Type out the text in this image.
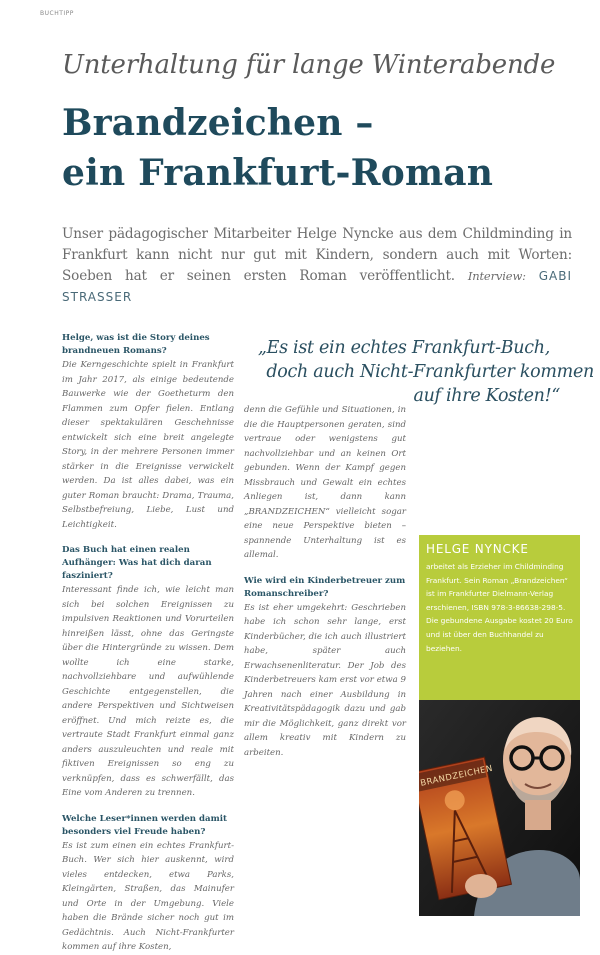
BUCHTIPP
Unterhaltung für lange Winterabende
Brandzeichen –
ein Frankfurt-Roman
Unser pädagogischer Mitarbeiter Helge Nyncke aus dem Childminding in Frankfurt kann nicht nur gut mit Kindern, sondern auch mit Worten: Soeben hat er seinen ersten Roman veröffentlicht. Interview: GABI STRASSER
Helge, was ist die Story deines brandneuen Romans?

Die Kerngeschichte spielt in Frankfurt im Jahr 2017, als einige bedeutende Bauwerke wie der Goetheturm den Flammen zum Opfer fielen. Entlang dieser spektakulären Geschehnisse entwickelt sich eine breit angelegte Story, in der mehrere Personen immer stärker in die Ereignisse verwickelt werden. Da ist alles dabei, was ein guter Roman braucht: Drama, Trauma, Selbstbefreiung, Liebe, Lust und Leichtigkeit.

Das Buch hat einen realen Aufhänger: Was hat dich daran fasziniert?

Interessant finde ich, wie leicht man sich bei solchen Ereignissen zu impulsiven Reaktionen und Vorurteilen hinreißen lässt, ohne das Geringste über die Hintergründe zu wissen. Dem wollte ich eine starke, nachvollziehbare und aufwühlende Geschichte entgegenstellen, die andere Perspektiven und Sichtweisen eröffnet. Und mich reizte es, die vertraute Stadt Frankfurt einmal ganz anders auszuleuchten und reale mit fiktiven Ereignissen so eng zu verknüpfen, dass es schwerfällt, das Eine vom Anderen zu trennen.

Welche Leser*innen werden damit besonders viel Freude haben?

Es ist zum einen ein echtes Frankfurt-Buch. Wer sich hier auskennt, wird vieles entdecken, etwa Parks, Kleingärten, Straßen, das Mainufer und Orte in der Umgebung. Viele haben die Brände sicher noch gut im Gedächtnis. Auch Nicht-Frankfurter kommen auf ihre Kosten,

„Es ist ein echtes Frankfurt-Buch,
doch auch Nicht-Frankfurter kommen
auf ihre Kosten!“

denn die Gefühle und Situationen, in die die Hauptpersonen geraten, sind vertraue oder wenigstens gut nachvollziehbar und an keinen Ort gebunden. Wenn der Kampf gegen Missbrauch und Gewalt ein echtes Anliegen ist, dann kann „BRANDZEICHEN“ vielleicht sogar eine neue Perspektive bieten – spannende Unterhaltung ist es allemal.

Wie wird ein Kinderbetreuer zum Romanschreiber?

Es ist eher umgekehrt: Geschrieben habe ich schon sehr lange, erst Kinderbücher, die ich auch illustriert habe, später auch Erwachsenenliteratur. Der Job des Kinderbetreuers kam erst vor etwa 9 Jahren nach einer Ausbildung in Kreativitätspädagogik dazu und gab mir die Möglichkeit, ganz direkt vor allem kreativ mit Kindern zu arbeiten.

HELGE NYNCKE
arbeitet als Erzieher im Childminding Frankfurt. Sein Roman „Brandzeichen“ ist im Frankfurter Dielmann-Verlag erschienen, ISBN 978-3-86638-298-5. Die gebundene Ausgabe kostet 20 Euro und ist über den Buchhandel zu beziehen.
BRANDZEICHEN
